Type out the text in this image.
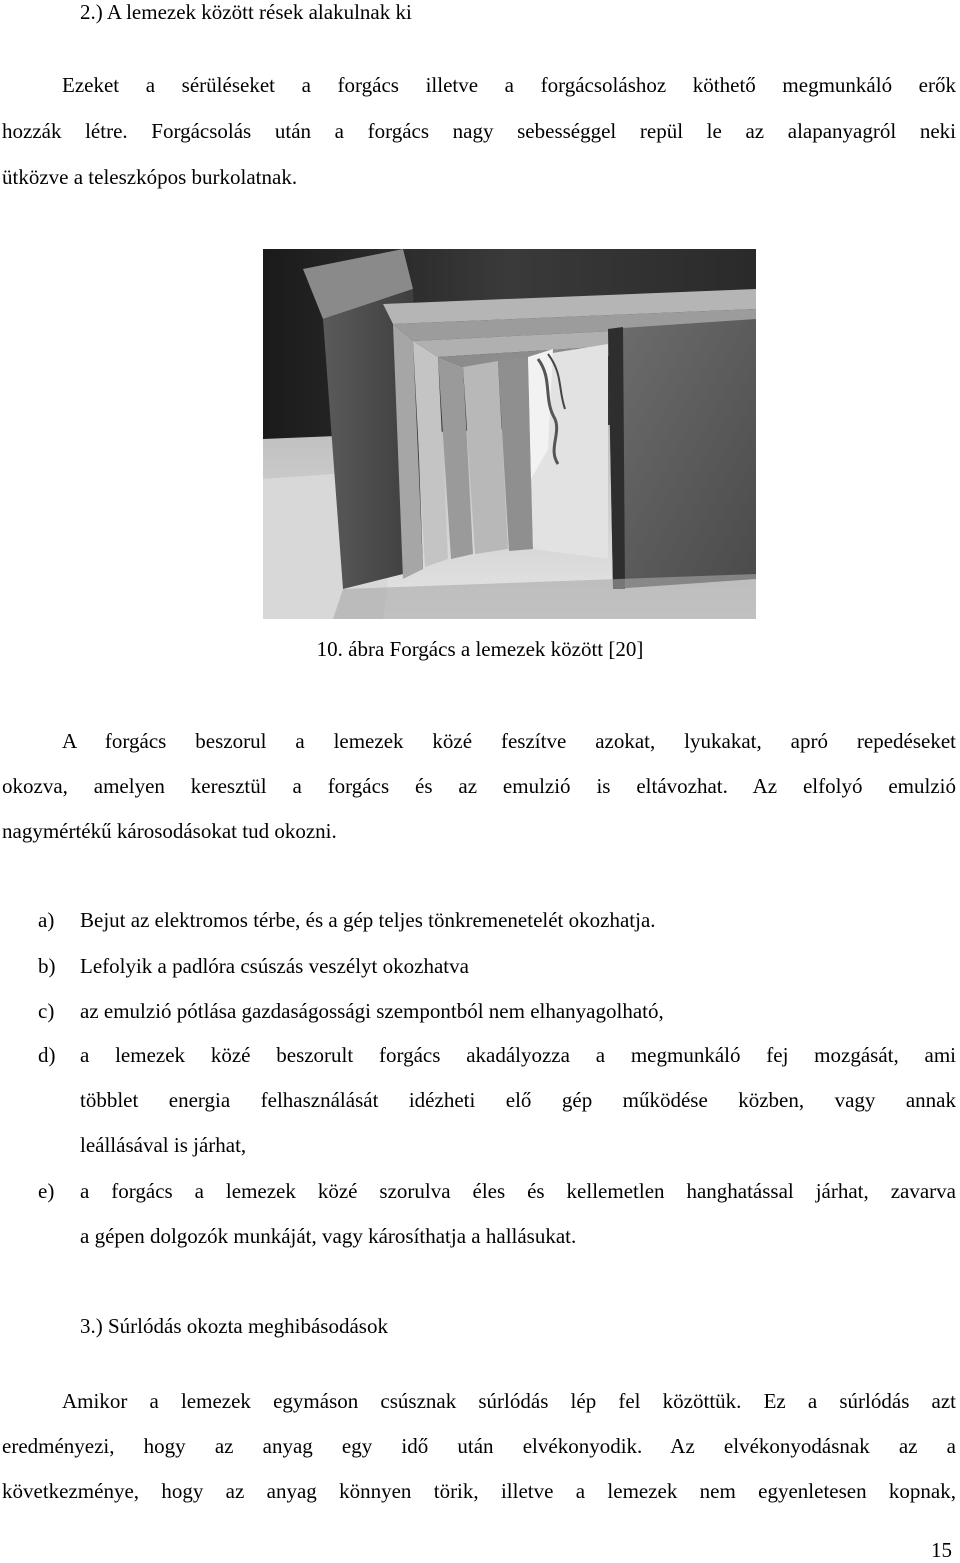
2.) A lemezek között rések alakulnak ki
Ezeket a sérüléseket a forgács illetve a forgácsoláshoz köthető megmunkáló erők
hozzák létre. Forgácsolás után a forgács nagy sebességgel repül le az alapanyagról neki
ütközve a teleszkópos burkolatnak.
10. ábra Forgács a lemezek között [20]
A forgács beszorul a lemezek közé feszítve azokat, lyukakat, apró repedéseket
okozva, amelyen keresztül a forgács és az emulzió is eltávozhat. Az elfolyó emulzió
nagymértékű károsodásokat tud okozni.
a) Bejut az elektromos térbe, és a gép teljes tönkremenetelét okozhatja.
b) Lefolyik a padlóra csúszás veszélyt okozhatva
c) az emulzió pótlása gazdaságossági szempontból nem elhanyagolható,
d) a lemezek közé beszorult forgács akadályozza a megmunkáló fej mozgását, ami
többlet energia felhasználását idézheti elő gép működése közben, vagy annak
leállásával is járhat,
e) a forgács a lemezek közé szorulva éles és kellemetlen hanghatással járhat, zavarva
a gépen dolgozók munkáját, vagy károsíthatja a hallásukat.
3.) Súrlódás okozta meghibásodások
Amikor a lemezek egymáson csúsznak súrlódás lép fel közöttük. Ez a súrlódás azt
eredményezi, hogy az anyag egy idő után elvékonyodik. Az elvékonyodásnak az a
következménye, hogy az anyag könnyen törik, illetve a lemezek nem egyenletesen kopnak,
15
